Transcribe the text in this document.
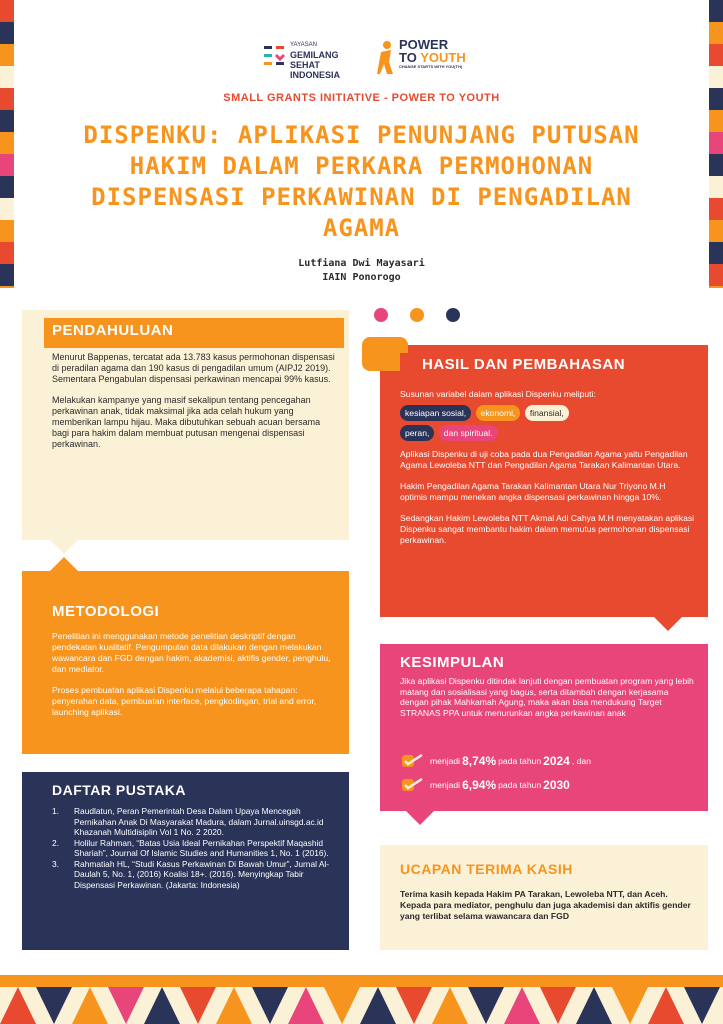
YAYASAN
GEMILANG
SEHAT
INDONESIA
POWER
TO YOUTH
CHANGE STARTS WITH YOU(TH)
SMALL GRANTS INITIATIVE - POWER TO YOUTH
DISPENKU: APLIKASI PENUNJANG PUTUSAN HAKIM DALAM PERKARA PERMOHONAN DISPENSASI PERKAWINAN DI PENGADILAN AGAMA
Lutfiana Dwi Mayasari
IAIN Ponorogo
PENDAHULUAN

Menurut Bappenas, tercatat ada 13.783 kasus permohonan dispensasi di peradilan agama dan 190 kasus di pengadilan umum (AIPJ2 2019). Sementara Pengabulan dispensasi perkawinan mencapai 99% kasus.

Melakukan kampanye yang masif sekalipun tentang pencegahan perkawinan anak, tidak maksimal jika ada celah hukum yang memberikan lampu hijau. Maka dibutuhkan sebuah acuan bersama bagi para hakim dalam membuat putusan mengenai dispensasi perkawinan.

METODOLOGI

Penelitian ini menggunakan metode penelitian deskriptif dengan pendekatan kualitatif. Pengumpulan data dilakukan dengan melakukan wawancara dan FGD dengan hakim, akademisi, aktifis gender, penghulu, dan mediator.

Proses pembuatan aplikasi Dispenku melalui beberapa tahapan: penyerahan data, pembuatan interface, pengkodingan, trial and error, launching aplikasi.

DAFTAR PUSTAKA
1.	Raudlatun, Peran Pemerintah Desa Dalam Upaya Mencegah Pernikahan Anak Di Masyarakat Madura, dalam Jurnal.uinsgd.ac.id Khazanah Multidisiplin Vol 1 No. 2 2020.
2.	Holilur Rahman, “Batas Usia Ideal Pernikahan Perspektif Maqashid Shariah”, Journal Of Islamic Studies and Humanities 1, No. 1 (2016).
3.	Rahmatiah HL, “Studi Kasus Perkawinan Di Bawah Umur”, Jurnal Al- Daulah 5, No. 1, (2016) Koalisi 18+. (2016). Menyingkap Tabir Dispensasi Perkawinan. (Jakarta: Indonesia)
HASIL DAN PEMBAHASAN
Susunan variabel dalam aplikasi Dispenku meliputi:
kesiapan sosial, ekonomi, finansial,
peran, dan spiritual.

Aplikasi Dispenku di uji coba pada dua Pengadilan Agama yaitu Pengadilan Agama Lewoleba NTT dan Pengadilan Agama Tarakan Kalimantan Utara.

Hakim Pengadilan Agama Tarakan Kalimantan Utara Nur Triyono M.H optimis mampu menekan angka dispensasi perkawinan hingga 10%.

Sedangkan Hakim Lewoleba NTT Akmal Adi Cahya M.H menyatakan aplikasi Dispenku sangat membantu hakim dalam memutus permohonan dispensasi perkawinan.

KESIMPULAN
Jika aplikasi Dispenku ditindak lanjuti dengan pembuatan program yang lebih matang dan sosialisasi yang bagus, serta ditambah dengan kerjasama dengan pihak Mahkamah Agung, maka akan bisa mendukung Target STRANAS PPA untuk menurunkan angka perkawinan anak
menjadi 8,74% pada tahun 2024 , dan
menjadi 6,94% pada tahun 2030
UCAPAN TERIMA KASIH
Terima kasih kepada Hakim PA Tarakan, Lewoleba NTT, dan Aceh. Kepada para mediator, penghulu dan juga akademisi dan aktifis gender yang terlibat selama wawancara dan FGD
